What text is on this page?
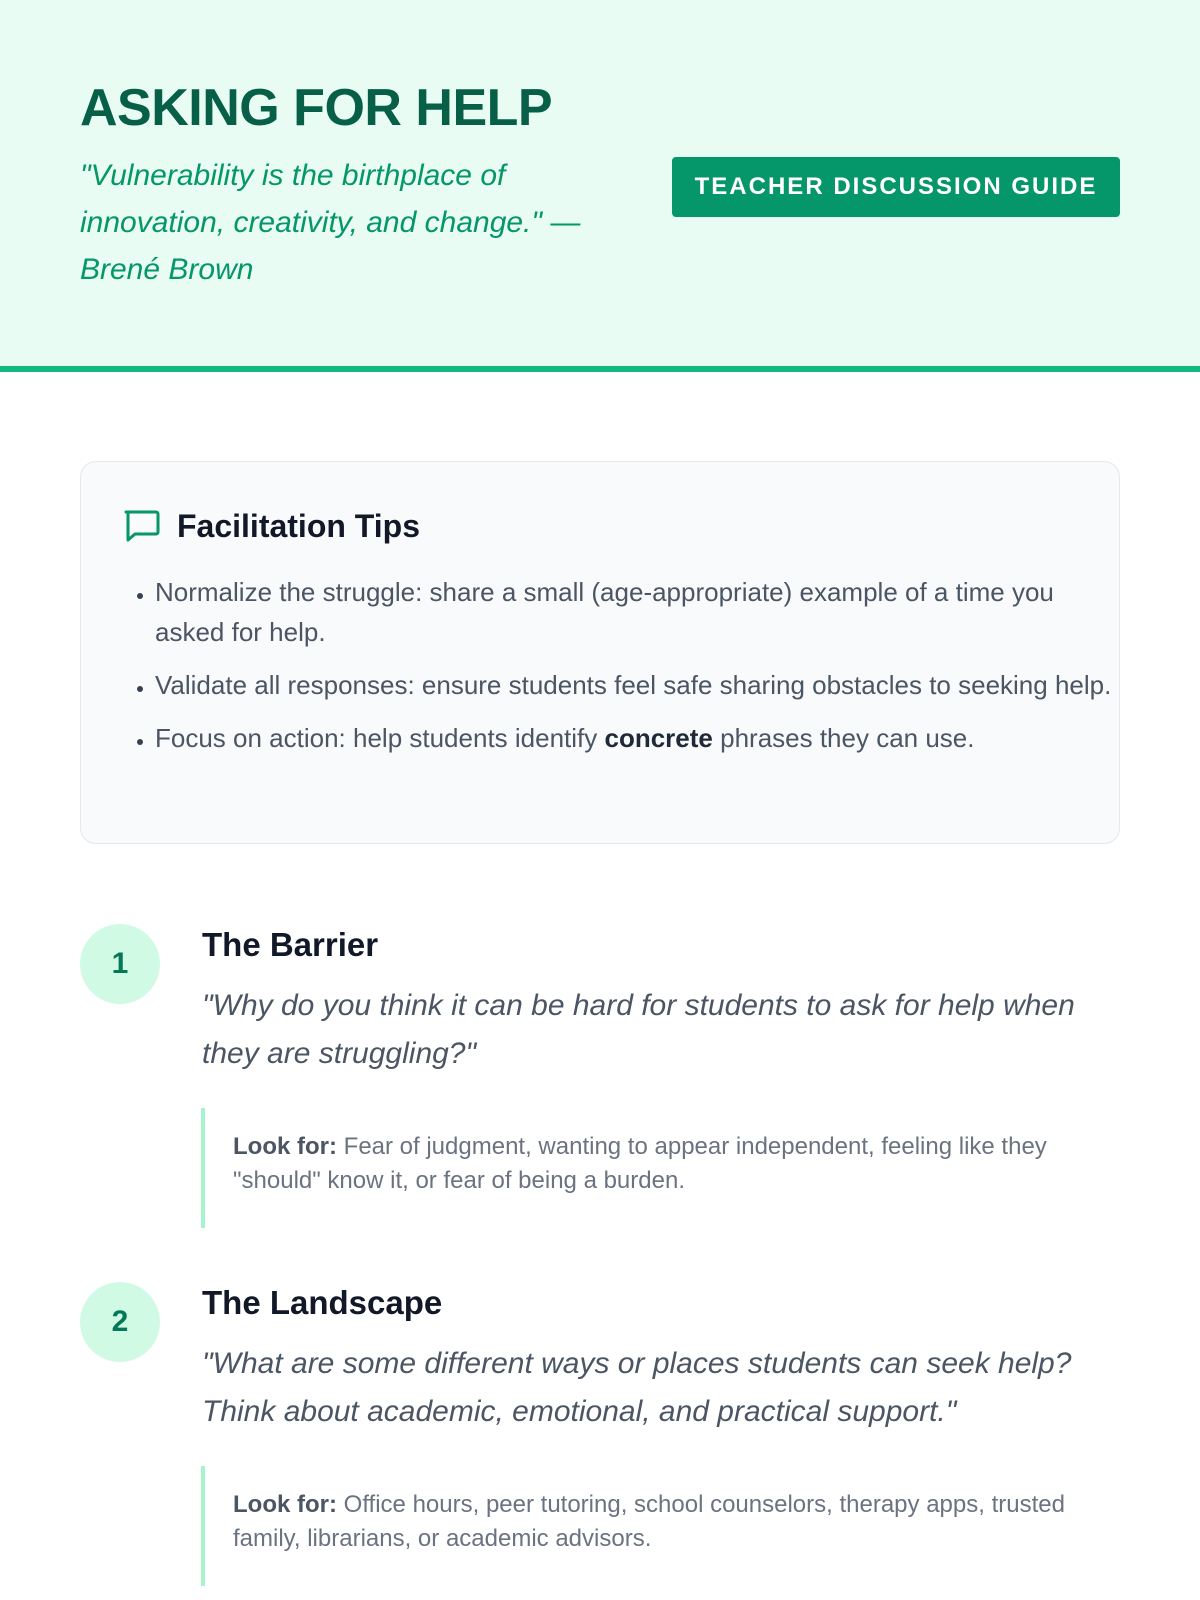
ASKING FOR HELP

"Vulnerability is the birthplace of innovation, creativity, and change." — Brené Brown

TEACHER DISCUSSION GUIDE
Facilitation Tips
• Normalize the struggle: share a small (age-appropriate) example of a time you asked for help.
• Validate all responses: ensure students feel safe sharing obstacles to seeking help.
• Focus on action: help students identify concrete phrases they can use.
1
The Barrier

"Why do you think it can be hard for students to ask for help when they are struggling?"

Look for: Fear of judgment, wanting to appear independent, feeling like they "should" know it, or fear of being a burden.
2
The Landscape

"What are some different ways or places students can seek help? Think about academic, emotional, and practical support."

Look for: Office hours, peer tutoring, school counselors, therapy apps, trusted family, librarians, or academic advisors.
